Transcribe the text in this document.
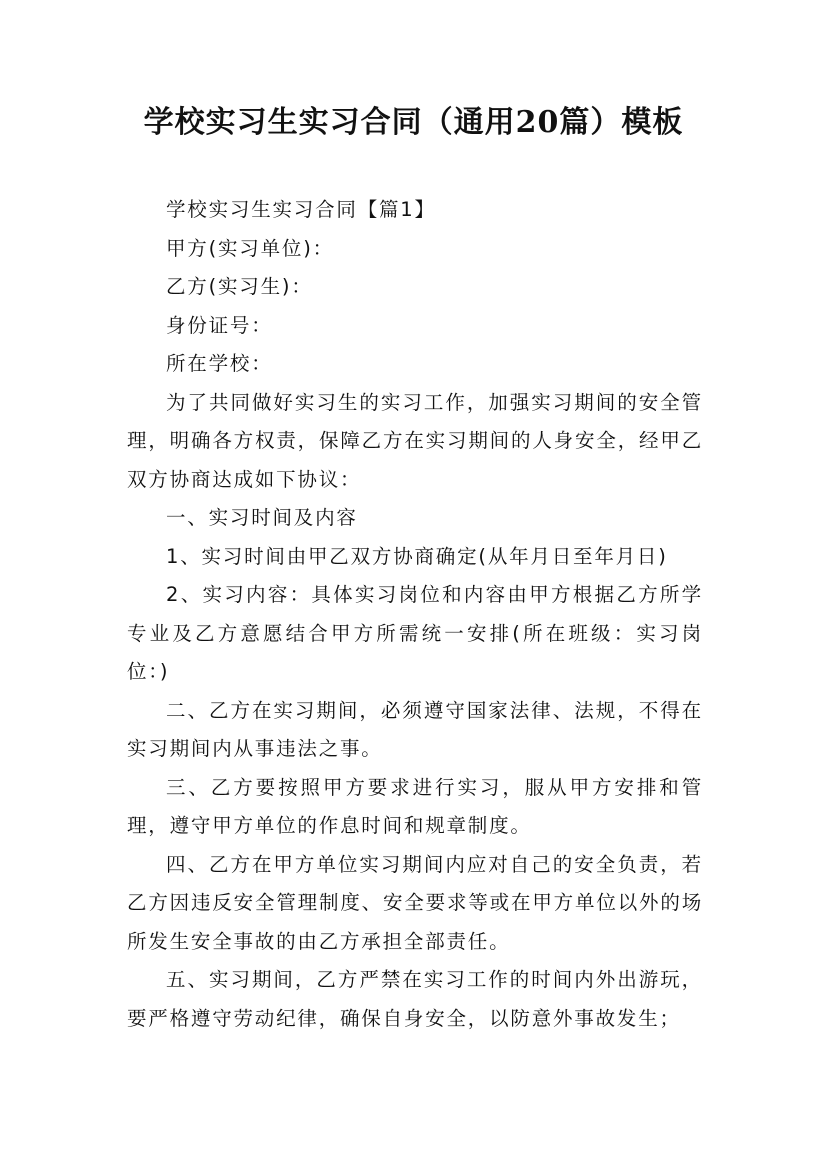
学校实习生实习合同（通用20篇）模板

学校实习生实习合同【篇1】

甲方(实习单位)：

乙方(实习生)：

身份证号：

所在学校：

为了共同做好实习生的实习工作，加强实习期间的安全管理，明确各方权责，保障乙方在实习期间的人身安全，经甲乙双方协商达成如下协议：

一、实习时间及内容

1、实习时间由甲乙双方协商确定(从年月日至年月日)

2、实习内容：具体实习岗位和内容由甲方根据乙方所学专业及乙方意愿结合甲方所需统一安排(所在班级：实习岗位：)

二、乙方在实习期间，必须遵守国家法律、法规，不得在实习期间内从事违法之事。

三、乙方要按照甲方要求进行实习，服从甲方安排和管理，遵守甲方单位的作息时间和规章制度。

四、乙方在甲方单位实习期间内应对自己的安全负责，若乙方因违反安全管理制度、安全要求等或在甲方单位以外的场所发生安全事故的由乙方承担全部责任。

五、实习期间，乙方严禁在实习工作的时间内外出游玩，要严格遵守劳动纪律，确保自身安全，以防意外事故发生；
